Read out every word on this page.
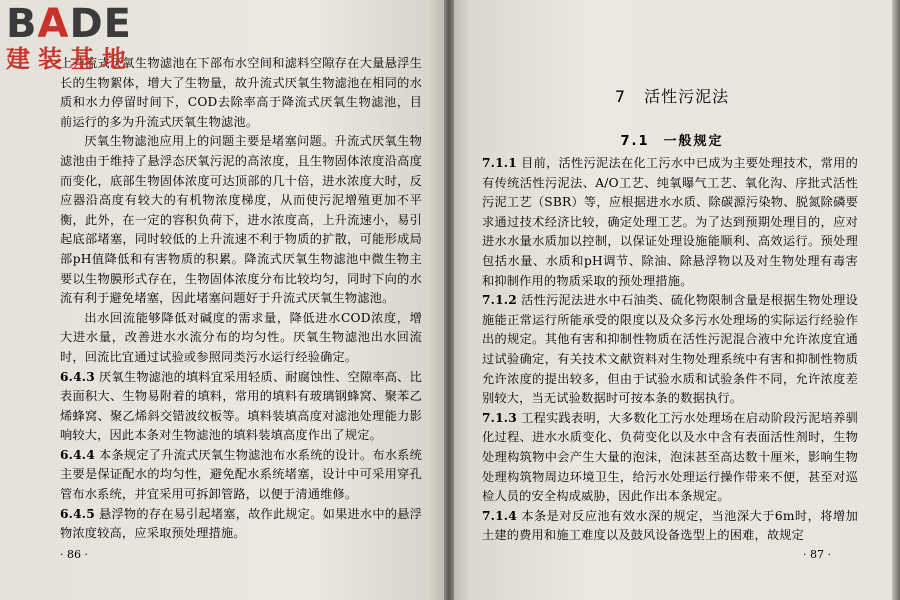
B A DE
建装基地

上升流式厌氧生物滤池在下部布水空间和滤料空隙存在大量悬浮生长的生物絮体，增大了生物量，故升流式厌氧生物滤池在相同的水质和水力停留时间下，COD去除率高于降流式厌氧生物滤池，目前运行的多为升流式厌氧生物滤池。

厌氧生物滤池应用上的问题主要是堵塞问题。升流式厌氧生物滤池由于维持了悬浮态厌氧污泥的高浓度，且生物固体浓度沿高度而变化，底部生物固体浓度可达顶部的几十倍，进水浓度大时，反应器沿高度有较大的有机物浓度梯度，从而使污泥增殖更加不平衡，此外，在一定的容积负荷下，进水浓度高，上升流速小，易引起底部堵塞，同时较低的上升流速不利于物质的扩散，可能形成局部pH值降低和有害物质的积累。降流式厌氧生物滤池中微生物主要以生物膜形式存在，生物固体浓度分布比较均匀，同时下向的水流有利于避免堵塞，因此堵塞问题好于升流式厌氧生物滤池。

出水回流能够降低对碱度的需求量，降低进水COD浓度，增大进水量，改善进水水流分布的均匀性。厌氧生物滤池出水回流时，回流比宜通过试验或参照同类污水运行经验确定。

6.4.3 厌氧生物滤池的填料宜采用轻质、耐腐蚀性、空隙率高、比表面积大、生物易附着的填料，常用的填料有玻璃钢蜂窝、聚苯乙烯蜂窝、聚乙烯斜交错波纹板等。填料装填高度对滤池处理能力影响较大，因此本条对生物滤池的填料装填高度作出了规定。

6.4.4 本条规定了升流式厌氧生物滤池布水系统的设计。布水系统主要是保证配水的均匀性，避免配水系统堵塞，设计中可采用穿孔管布水系统，并宜采用可拆卸管路，以便于清通维修。

6.4.5 悬浮物的存在易引起堵塞，故作此规定。如果进水中的悬浮物浓度较高，应采取预处理措施。

· 86 ·
7 活性污泥法
7.1 一般规定

7.1.1 目前，活性污泥法在化工污水中已成为主要处理技术，常用的有传统活性污泥法、A/O工艺、纯氧曝气工艺、氧化沟、序批式活性污泥工艺（SBR）等，应根据进水水质、除碳源污染物、脱氮除磷要求通过技术经济比较，确定处理工艺。为了达到预期处理目的，应对进水水量水质加以控制，以保证处理设施能顺利、高效运行。预处理包括水量、水质和pH调节、除油、除悬浮物以及对生物处理有毒害和抑制作用的物质采取的预处理措施。

7.1.2 活性污泥法进水中石油类、硫化物限制含量是根据生物处理设施能正常运行所能承受的限度以及众多污水处理场的实际运行经验作出的规定。其他有害和抑制性物质在活性污泥混合液中允许浓度宜通过试验确定，有关技术文献资料对生物处理系统中有害和抑制性物质允许浓度的提出较多，但由于试验水质和试验条件不同，允许浓度差别较大，当无试验数据时可按本条的数据执行。

7.1.3 工程实践表明，大多数化工污水处理场在启动阶段污泥培养驯化过程、进水水质变化、负荷变化以及水中含有表面活性剂时，生物处理构筑物中会产生大量的泡沫，泡沫甚至高达数十厘米，影响生物处理构筑物周边环境卫生，给污水处理运行操作带来不便，甚至对巡检人员的安全构成威胁，因此作出本条规定。

7.1.4 本条是对反应池有效水深的规定，当池深大于6m时，将增加土建的费用和施工难度以及鼓风设备选型上的困难，故规定

· 87 ·
